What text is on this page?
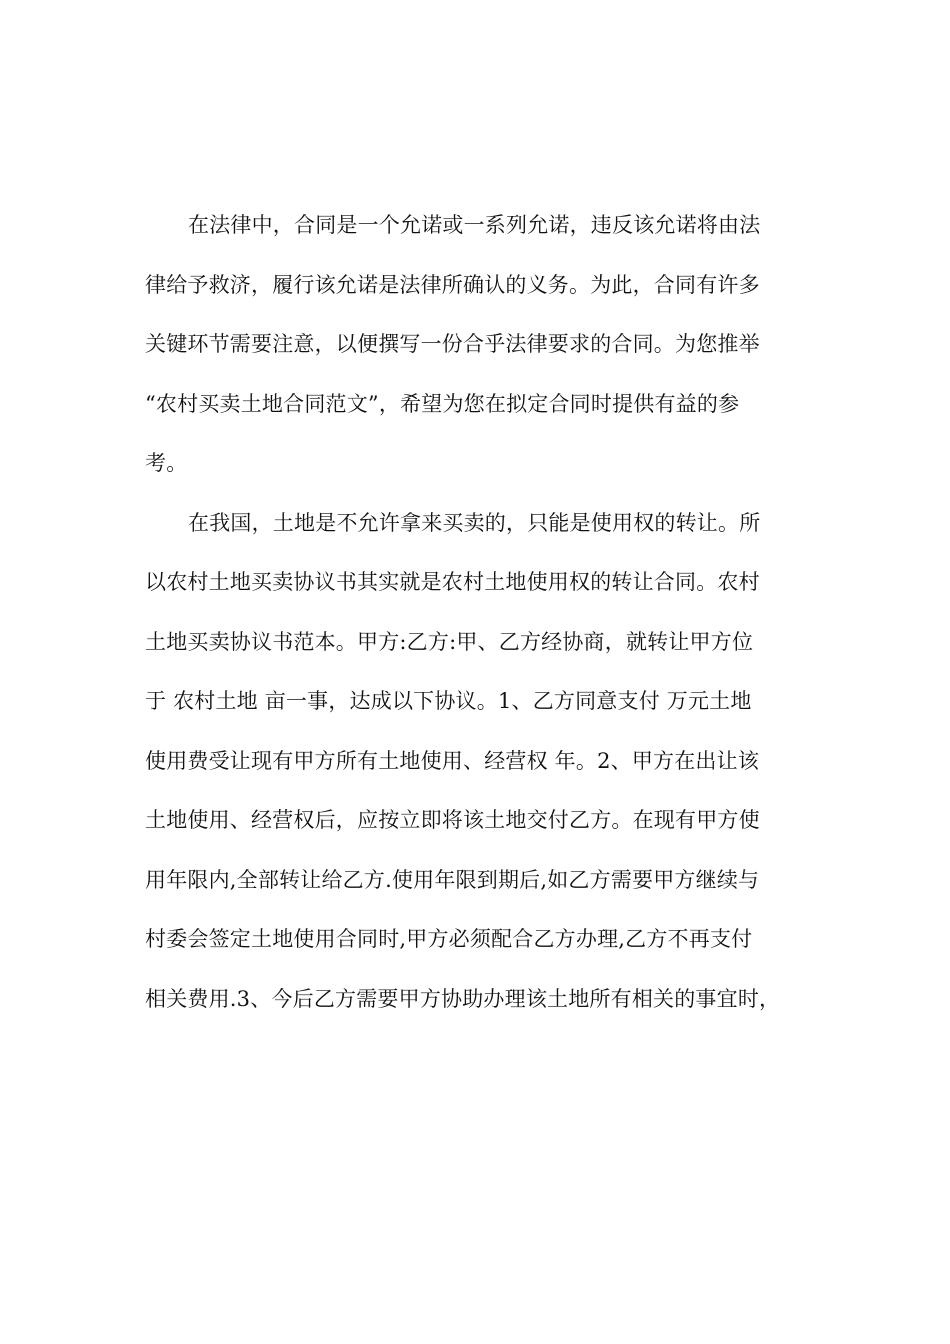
在法律中，合同是一个允诺或一系列允诺，违反该允诺将由法

律给予救济，履行该允诺是法律所确认的义务。为此，合同有许多

关键环节需要注意，以便撰写一份合乎法律要求的合同。为您推举

“农村买卖土地合同范文”，希望为您在拟定合同时提供有益的参

考。

在我国，土地是不允许拿来买卖的，只能是使用权的转让。所

以农村土地买卖协议书其实就是农村土地使用权的转让合同。农村

土地买卖协议书范本。甲方:乙方:甲、乙方经协商，就转让甲方位

于 农村土地 亩一事，达成以下协议。1、乙方同意支付 万元土地

使用费受让现有甲方所有土地使用、经营权 年。2、甲方在出让该

土地使用、经营权后，应按立即将该土地交付乙方。在现有甲方使

用年限内,全部转让给乙方.使用年限到期后,如乙方需要甲方继续与

村委会签定土地使用合同时,甲方必须配合乙方办理,乙方不再支付

相关费用.3、今后乙方需要甲方协助办理该土地所有相关的事宜时，
